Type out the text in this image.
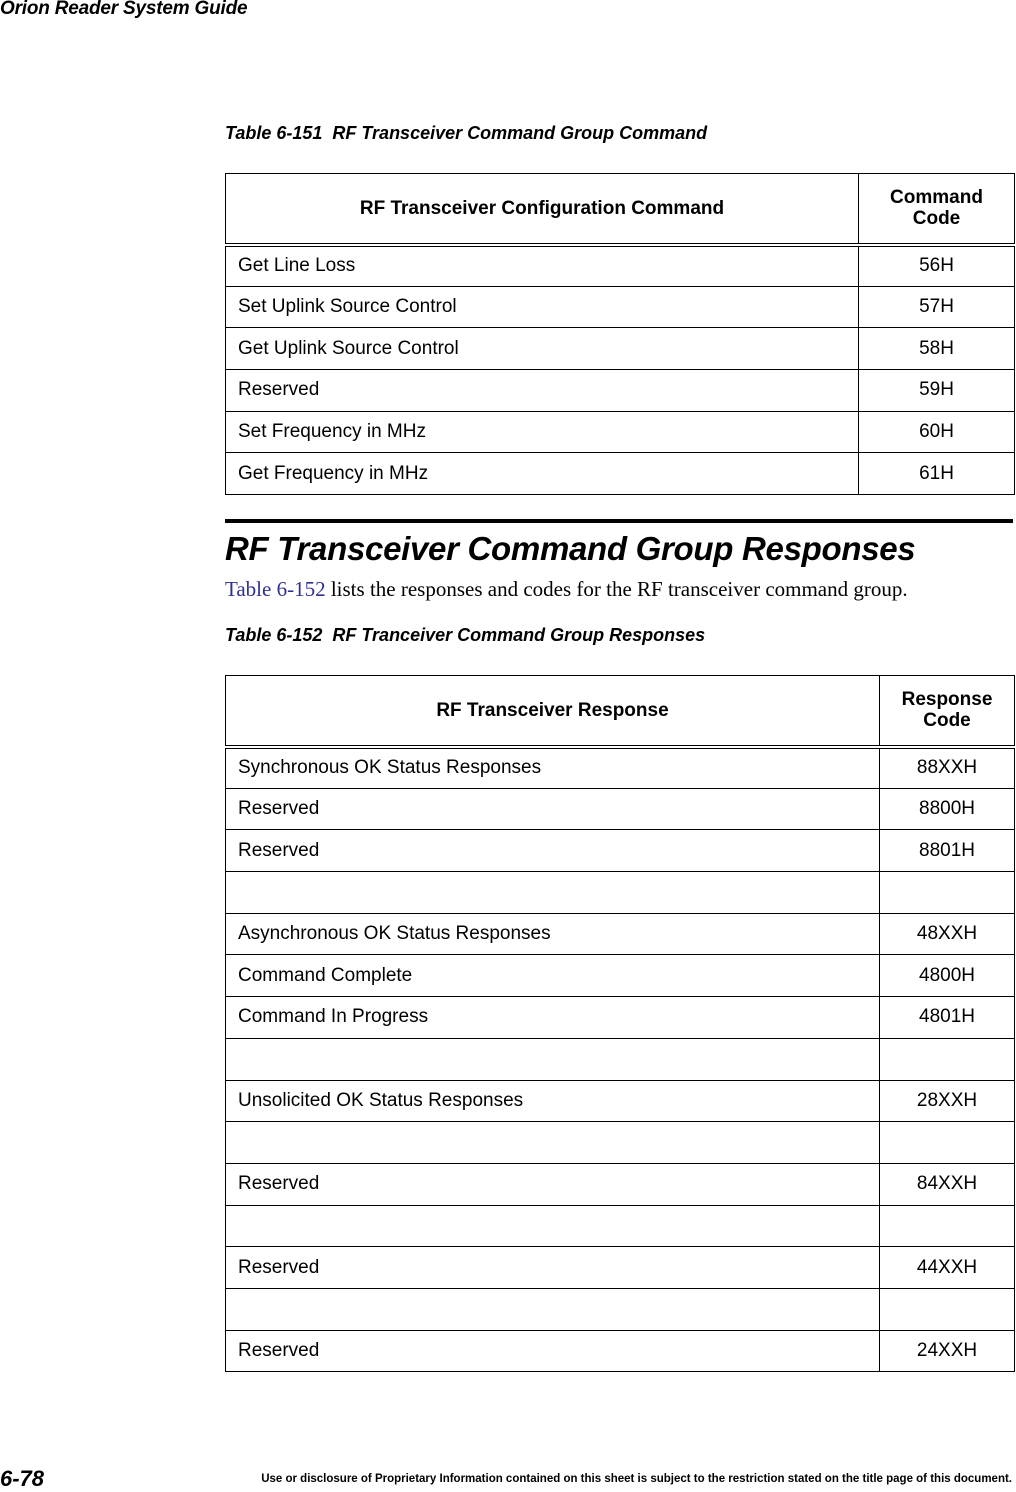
Orion Reader System Guide
Table 6-151  RF Transceiver Command Group Command
RF Transceiver Configuration Command	Command Code
Get Line Loss	56H
Set Uplink Source Control	57H
Get Uplink Source Control	58H
Reserved	59H
Set Frequency in MHz	60H
Get Frequency in MHz	61H
RF Transceiver Command Group Responses
Table 6-152 lists the responses and codes for the RF transceiver command group.
Table 6-152  RF Tranceiver Command Group Responses
RF Transceiver Response	Response Code
Synchronous OK Status Responses	88XXH
Reserved	8800H
Reserved	8801H

Asynchronous OK Status Responses	48XXH
Command Complete	4800H
Command In Progress	4801H

Unsolicited OK Status Responses	28XXH

Reserved	84XXH

Reserved	44XXH

Reserved	24XXH
6-78	Use or disclosure of Proprietary Information contained on this sheet is subject to the restriction stated on the title page of this document.
